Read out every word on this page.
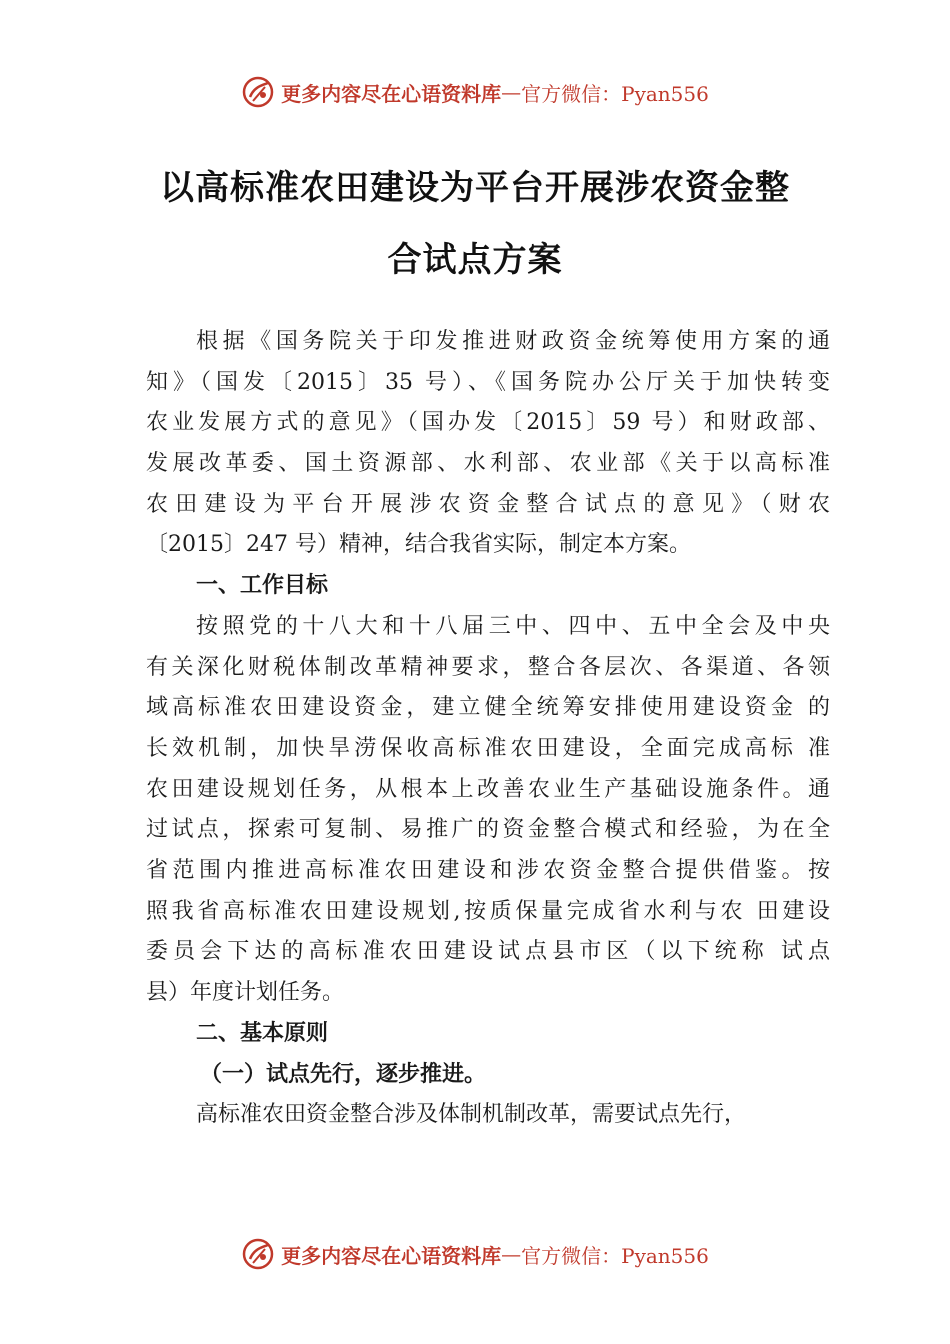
更多内容尽在心语资料库 — 官方微信：Pyan556
以高标准农田建设为平台开展涉农资金整
合试点方案
根据《国务院关于印发推进财政资金统筹使用方案的通
知》（国发〔2015〕35 号）、《国务院办公厅关于加快转变
农业发展方式的意见》（国办发〔2015〕59 号）和财政部、
发展改革委、国土资源部、水利部、农业部《关于以高标准
农田建设为平台开展涉农资金整合试点的意见》（财农
〔2015〕247 号）精神，结合我省实际，制定本方案。
一、工作目标
按照党的十八大和十八届三中、四中、五中全会及中央
有关深化财税体制改革精神要求，整合各层次、各渠道、各领
域高标准农田建设资金，建立健全统筹安排使用建设资金 的
长效机制，加快旱涝保收高标准农田建设，全面完成高标 准
农田建设规划任务，从根本上改善农业生产基础设施条件。通
过试点，探索可复制、易推广的资金整合模式和经验，为在全
省范围内推进高标准农田建设和涉农资金整合提供借鉴。按
照我省高标准农田建设规划,按质保量完成省水利与农 田建设
委员会下达的高标准农田建设试点县市区（以下统称 试点
县）年度计划任务。
二、基本原则
（一）试点先行，逐步推进。
高标准农田资金整合涉及体制机制改革，需要试点先行，
更多内容尽在心语资料库 — 官方微信：Pyan556
